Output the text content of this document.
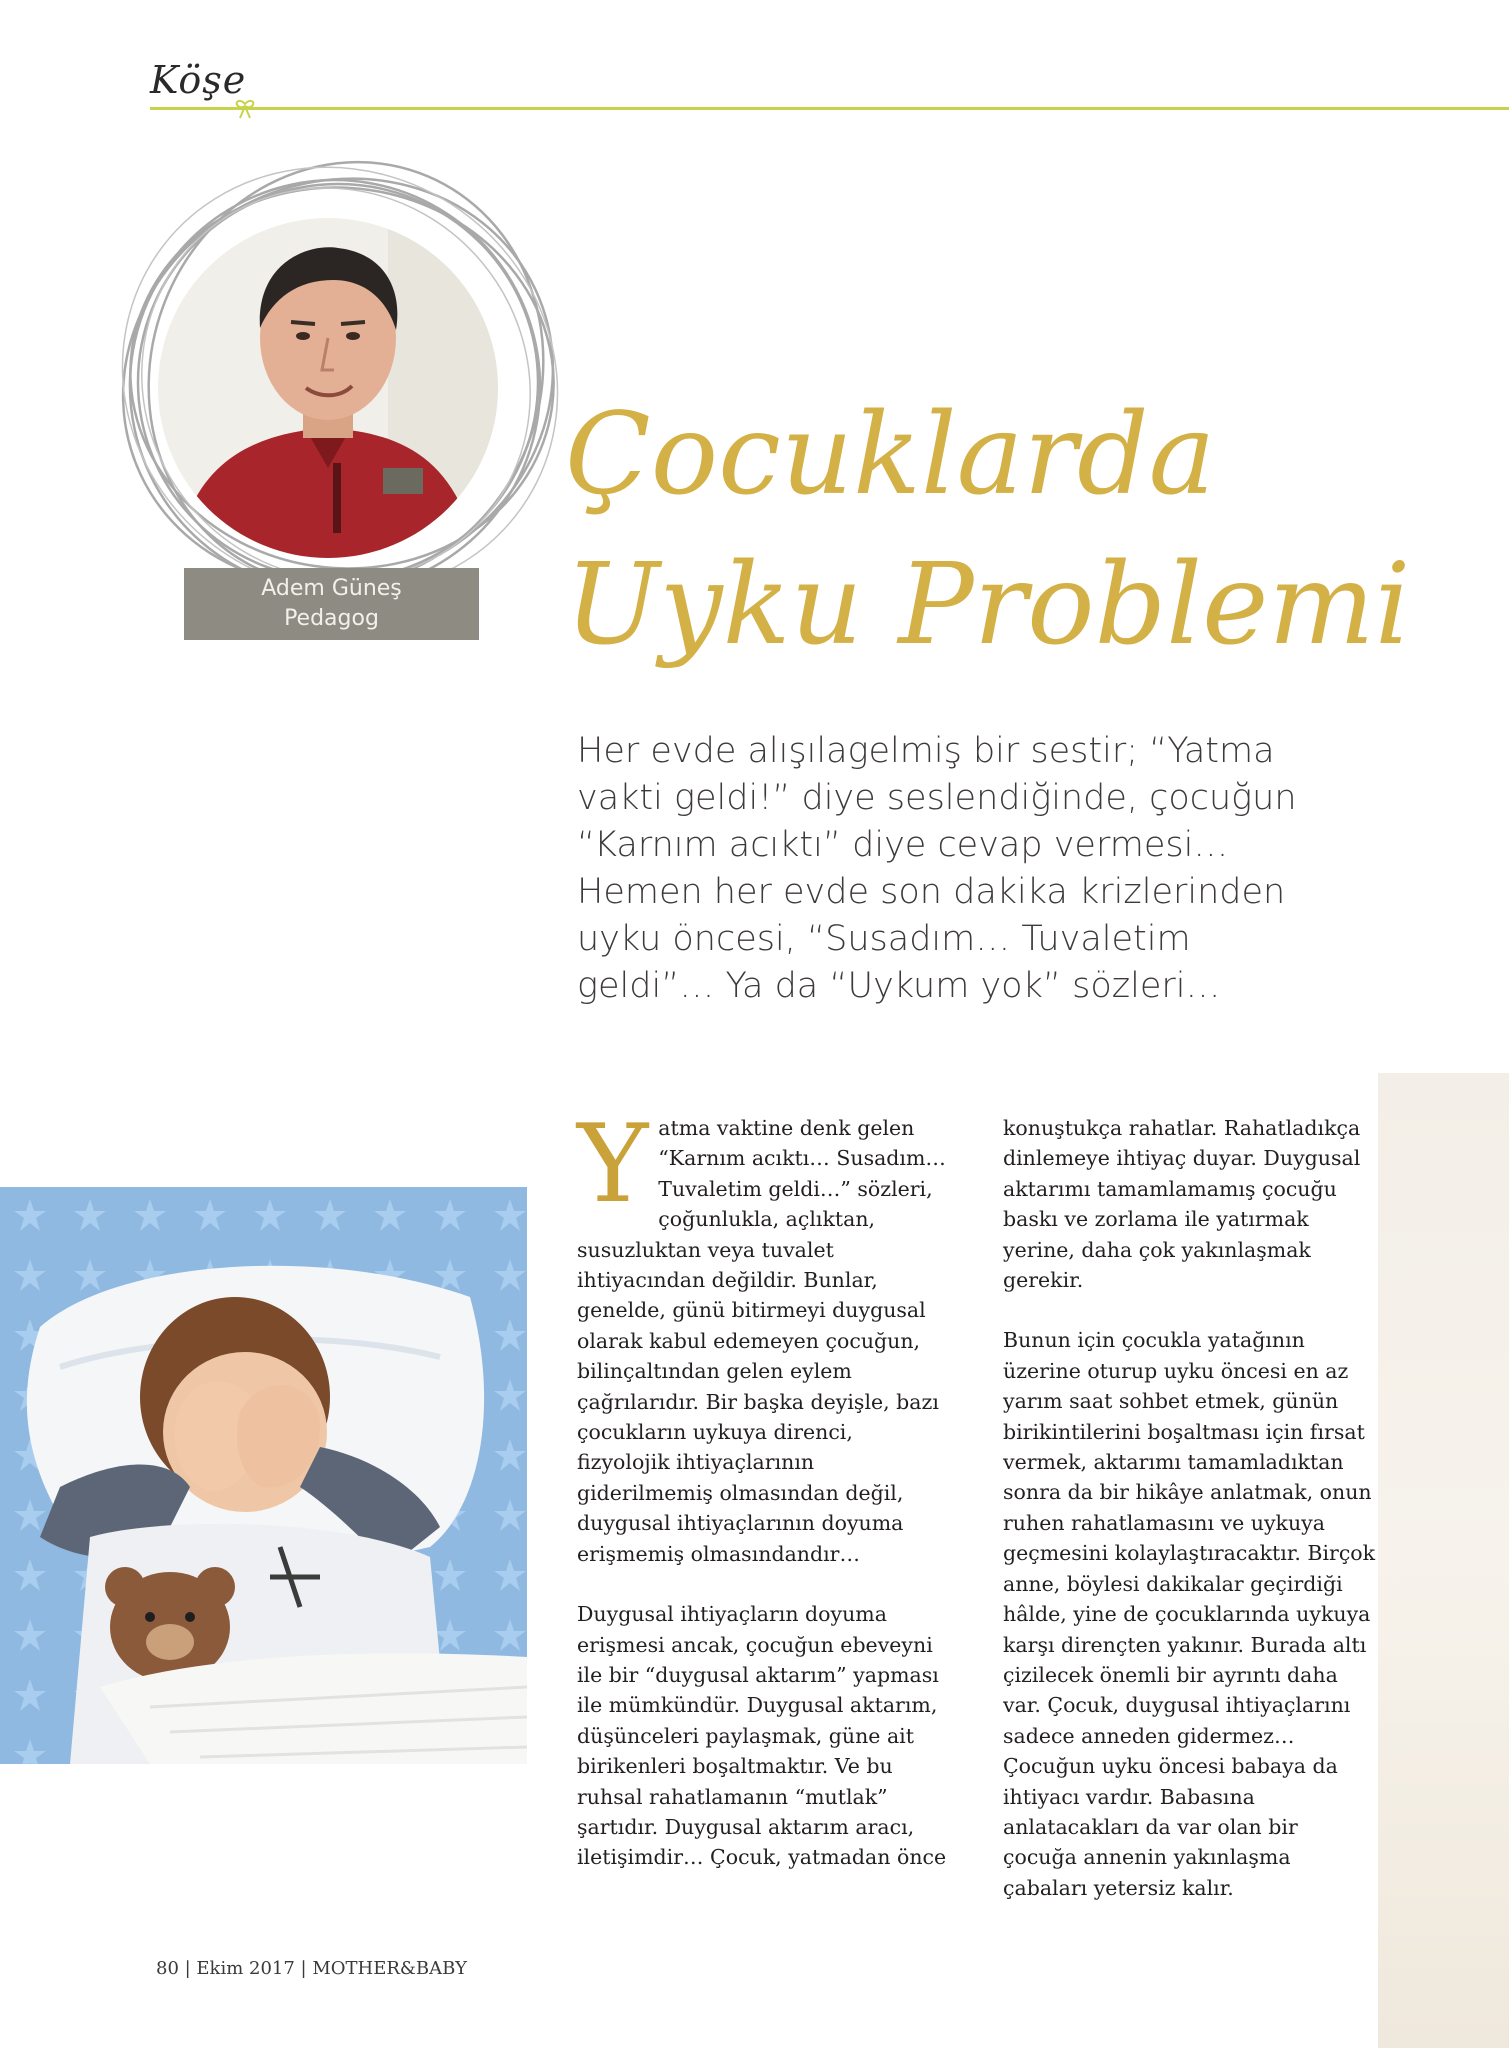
Köşe
Adem Güneş
Pedagog
Çocuklarda
Uyku Problemi
Her evde alışılagelmiş bir sestir; “Yatma vakti geldi!” diye seslendiğinde, çocuğun “Karnım acıktı” diye cevap vermesi… Hemen her evde son dakika krizlerinden uyku öncesi, “Susadım… Tuvaletim geldi”… Ya da “Uykum yok” sözleri…

Y atma vaktine denk gelen “Karnım acıktı… Susadım… Tuvaletim geldi…” sözleri, çoğunlukla, açlıktan, susuzluktan veya tuvalet ihtiyacından değildir. Bunlar, genelde, günü bitirmeyi duygusal olarak kabul edemeyen çocuğun, bilinçaltından gelen eylem çağrılarıdır. Bir başka deyişle, bazı çocukların uykuya direnci, fizyolojik ihtiyaçlarının giderilmemiş olmasından değil, duygusal ihtiyaçlarının doyuma erişmemiş olmasındandır…

Duygusal ihtiyaçların doyuma erişmesi ancak, çocuğun ebeveyni ile bir “duygusal aktarım” yapması ile mümkündür. Duygusal aktarım, düşünceleri paylaşmak, güne ait birikenleri boşaltmaktır. Ve bu ruhsal rahatlamanın “mutlak” şartıdır. Duygusal aktarım aracı, iletişimdir… Çocuk, yatmadan önce

konuştukça rahatlar. Rahatladıkça dinlemeye ihtiyaç duyar. Duygusal aktarımı tamamlamamış çocuğu baskı ve zorlama ile yatırmak yerine, daha çok yakınlaşmak gerekir.

Bunun için çocukla yatağının üzerine oturup uyku öncesi en az yarım saat sohbet etmek, günün birikintilerini boşaltması için fırsat vermek, aktarımı tamamladıktan sonra da bir hikâye anlatmak, onun ruhen rahatlamasını ve uykuya geçmesini kolaylaştıracaktır. Birçok anne, böylesi dakikalar geçirdiği hâlde, yine de çocuklarında uykuya karşı dirençten yakınır. Burada altı çizilecek önemli bir ayrıntı daha var. Çocuk, duygusal ihtiyaçlarını sadece anneden gidermez… Çocuğun uyku öncesi babaya da ihtiyacı vardır. Babasına anlatacakları da var olan bir çocuğa annenin yakınlaşma çabaları yetersiz kalır.

80 | Ekim 2017 | MOTHER&BABY
